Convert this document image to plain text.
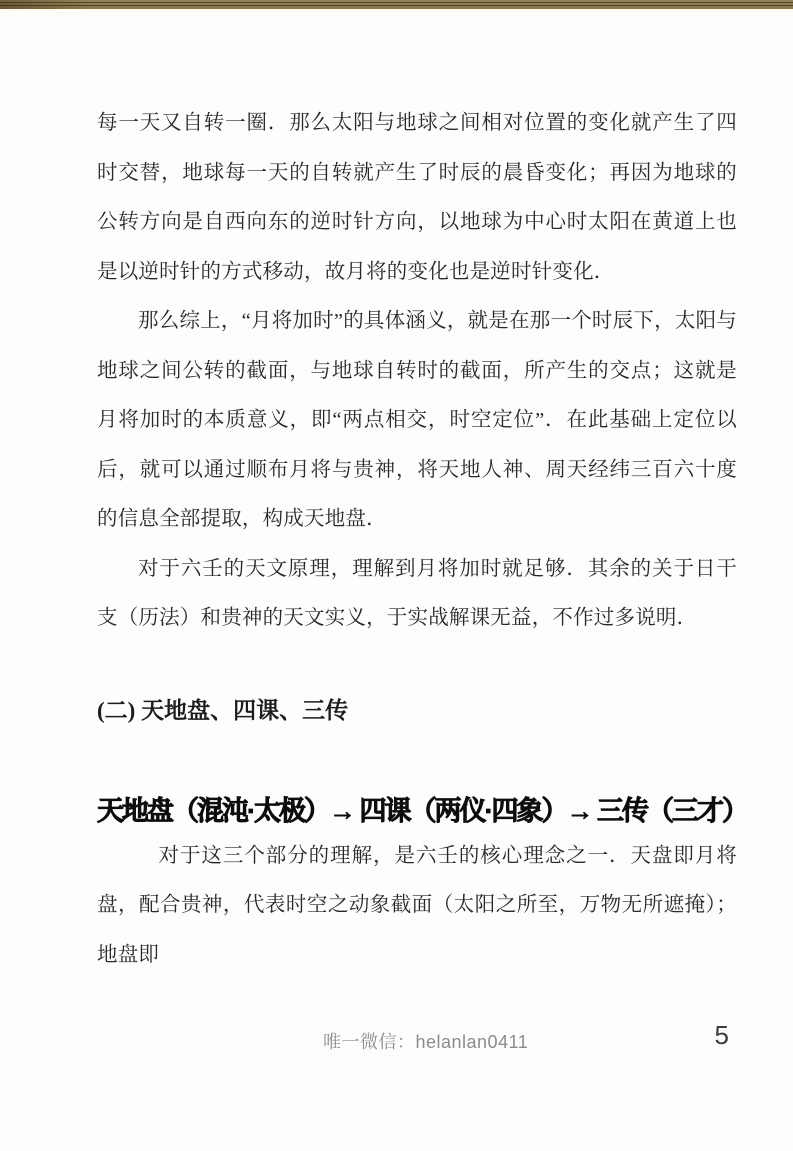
每一天又自转一圈．那么太阳与地球之间相对位置的变化就产生了四时交替，地球每一天的自转就产生了时辰的晨昏变化；再因为地球的公转方向是自西向东的逆时针方向，以地球为中心时太阳在黄道上也是以逆时针的方式移动，故月将的变化也是逆时针变化．

那么综上，“月将加时”的具体涵义，就是在那一个时辰下，太阳与地球之间公转的截面，与地球自转时的截面，所产生的交点；这就是月将加时的本质意义，即“两点相交，时空定位”．在此基础上定位以后，就可以通过顺布月将与贵神，将天地人神、周天经纬三百六十度的信息全部提取，构成天地盘．

对于六壬的天文原理，理解到月将加时就足够．其余的关于日干支（历法）和贵神的天文实义，于实战解课无益，不作过多说明．

(二) 天地盘、四课、三传
天地盘（混沌·太极）→ 四课（两仪·四象）→ 三传（三才）

对于这三个部分的理解，是六壬的核心理念之一．天盘即月将盘，配合贵神，代表时空之动象截面（太阳之所至，万物无所遮掩）；地盘即

唯一微信：helanlan0411	5
